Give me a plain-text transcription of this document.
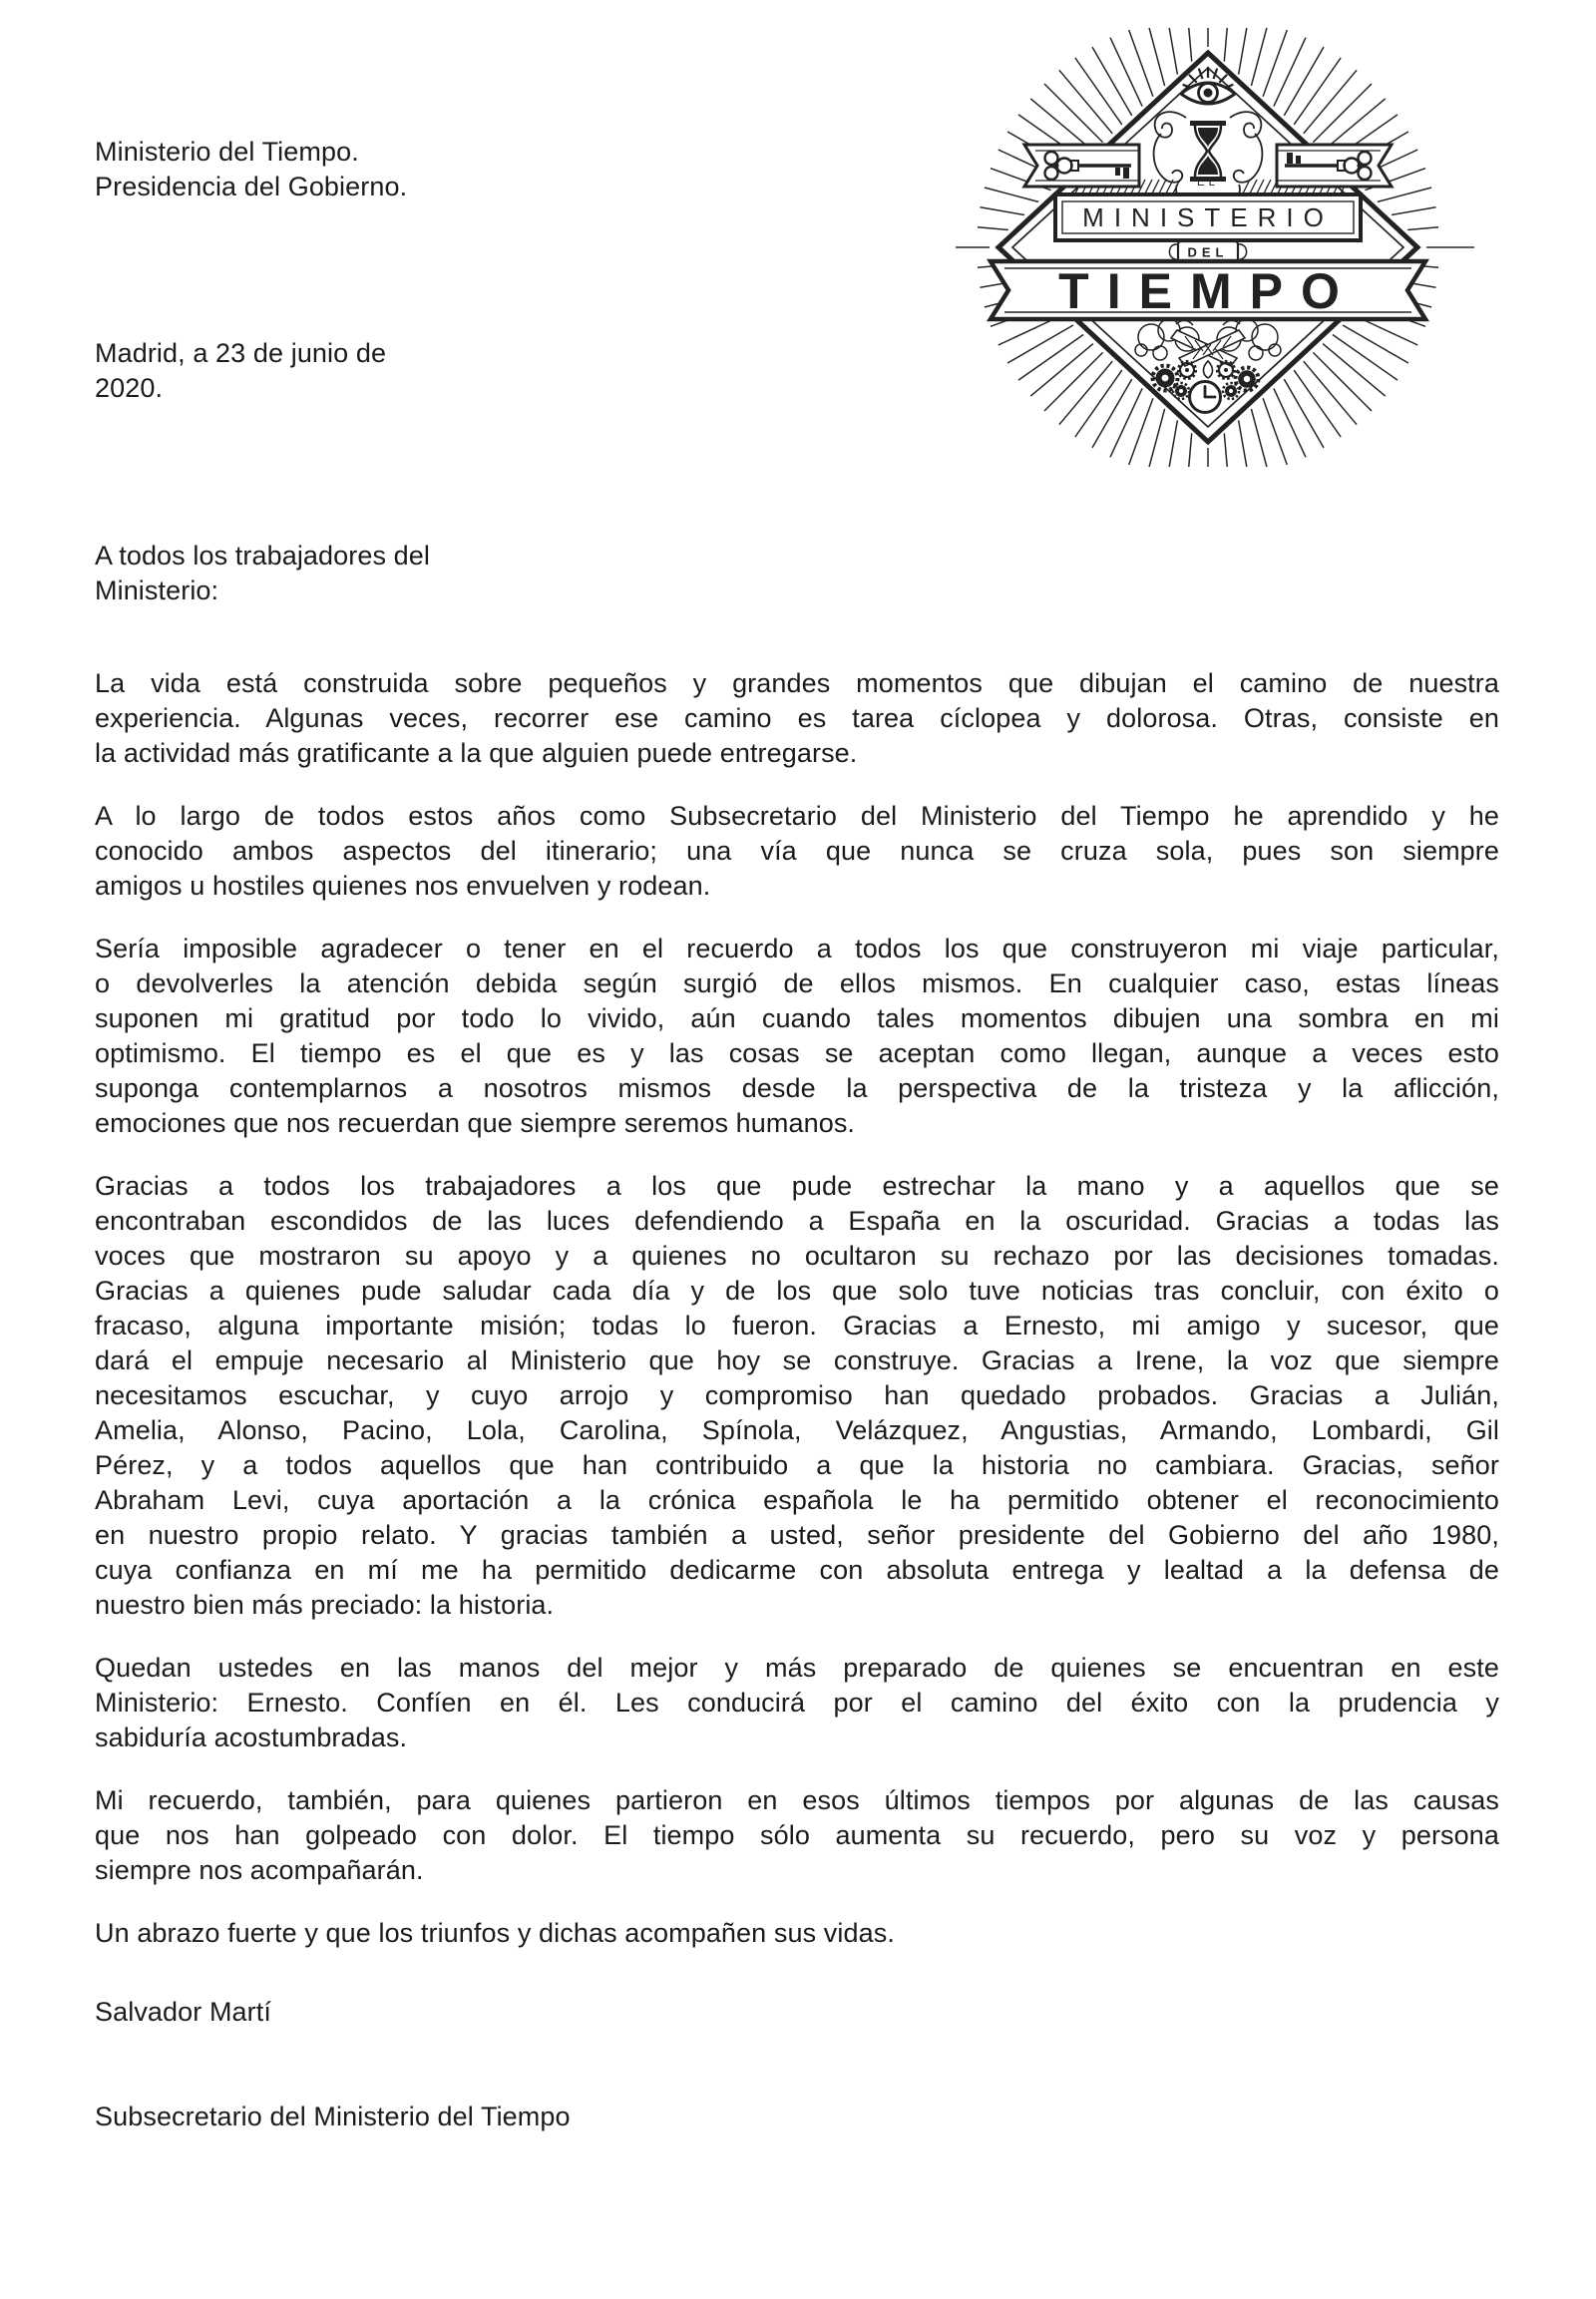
Ministerio del Tiempo.
Presidencia del Gobierno.	EL
MINISTERIO
DEL
TIEMPO
Madrid, a 23 de junio de
2020.
A todos los trabajadores del
Ministerio:
La vida está construida sobre pequeños y grandes momentos que dibujan el camino de nuestra
experiencia. Algunas veces, recorrer ese camino es tarea cíclopea y dolorosa. Otras, consiste en
la actividad más gratificante a la que alguien puede entregarse.
A lo largo de todos estos años como Subsecretario del Ministerio del Tiempo he aprendido y he
conocido ambos aspectos del itinerario; una vía que nunca se cruza sola, pues son siempre
amigos u hostiles quienes nos envuelven y rodean.
Sería imposible agradecer o tener en el recuerdo a todos los que construyeron mi viaje particular,
o devolverles la atención debida según surgió de ellos mismos. En cualquier caso, estas líneas
suponen mi gratitud por todo lo vivido, aún cuando tales momentos dibujen una sombra en mi
optimismo. El tiempo es el que es y las cosas se aceptan como llegan, aunque a veces esto
suponga contemplarnos a nosotros mismos desde la perspectiva de la tristeza y la aflicción,
emociones que nos recuerdan que siempre seremos humanos.
Gracias a todos los trabajadores a los que pude estrechar la mano y a aquellos que se
encontraban escondidos de las luces defendiendo a España en la oscuridad. Gracias a todas las
voces que mostraron su apoyo y a quienes no ocultaron su rechazo por las decisiones tomadas.
Gracias a quienes pude saludar cada día y de los que solo tuve noticias tras concluir, con éxito o
fracaso, alguna importante misión; todas lo fueron. Gracias a Ernesto, mi amigo y sucesor, que
dará el empuje necesario al Ministerio que hoy se construye. Gracias a Irene, la voz que siempre
necesitamos escuchar, y cuyo arrojo y compromiso han quedado probados. Gracias a Julián,
Amelia, Alonso, Pacino, Lola, Carolina, Spínola, Velázquez, Angustias, Armando, Lombardi, Gil
Pérez, y a todos aquellos que han contribuido a que la historia no cambiara. Gracias, señor
Abraham Levi, cuya aportación a la crónica española le ha permitido obtener el reconocimiento
en nuestro propio relato. Y gracias también a usted, señor presidente del Gobierno del año 1980,
cuya confianza en mí me ha permitido dedicarme con absoluta entrega y lealtad a la defensa de
nuestro bien más preciado: la historia.
Quedan ustedes en las manos del mejor y más preparado de quienes se encuentran en este
Ministerio: Ernesto. Confíen en él. Les conducirá por el camino del éxito con la prudencia y
sabiduría acostumbradas.
Mi recuerdo, también, para quienes partieron en esos últimos tiempos por algunas de las causas
que nos han golpeado con dolor. El tiempo sólo aumenta su recuerdo, pero su voz y persona
siempre nos acompañarán.
Un abrazo fuerte y que los triunfos y dichas acompañen sus vidas.
Salvador Martí
Subsecretario del Ministerio del Tiempo
